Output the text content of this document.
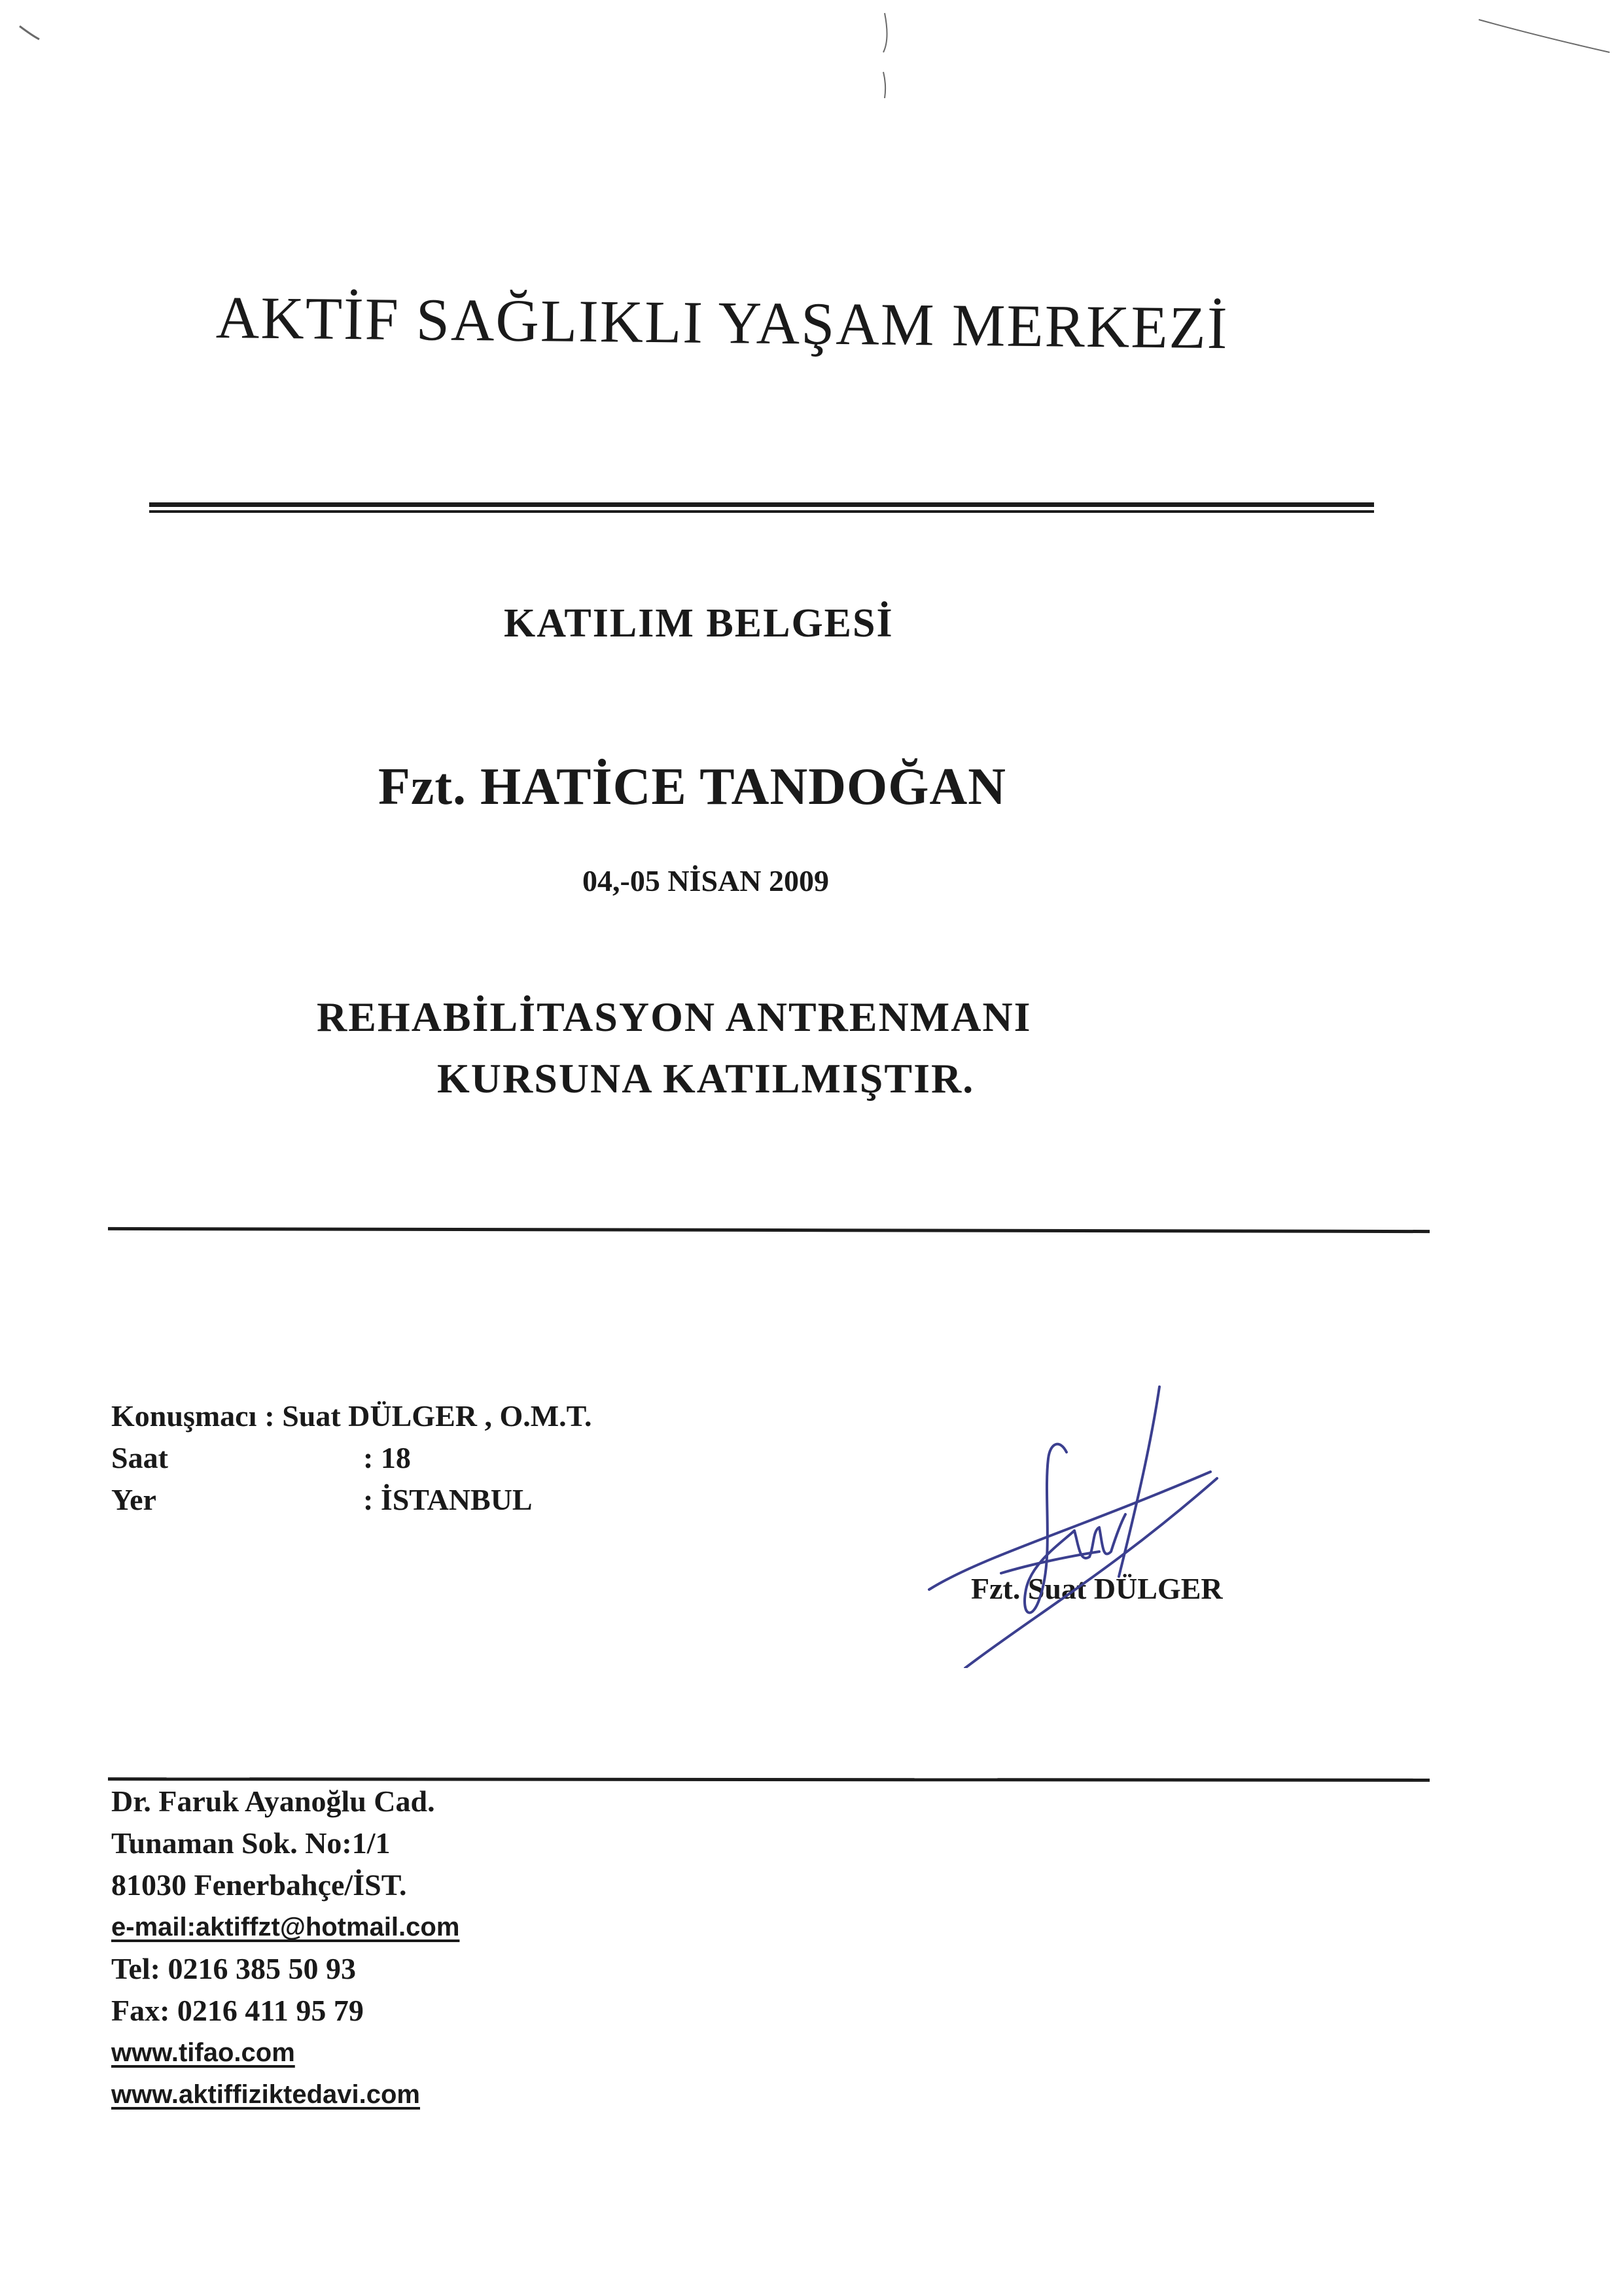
AKTİF SAĞLIKLI YAŞAM MERKEZİ
KATILIM BELGESİ
Fzt. HATİCE TANDOĞAN
04,-05 NİSAN 2009
REHABİLİTASYON ANTRENMANI
KURSUNA KATILMIŞTIR.
Konuşmacı : Suat DÜLGER , O.M.T.
Saat	: 18
Yer	: İSTANBUL
Fzt. Suat DÜLGER
Dr. Faruk Ayanoğlu Cad.
Tunaman Sok. No:1/1
81030 Fenerbahçe/İST.
e-mail:aktiffzt@hotmail.com
Tel: 0216 385 50 93
Fax: 0216 411 95 79
www.tifao.com
www.aktiffiziktedavi.com
